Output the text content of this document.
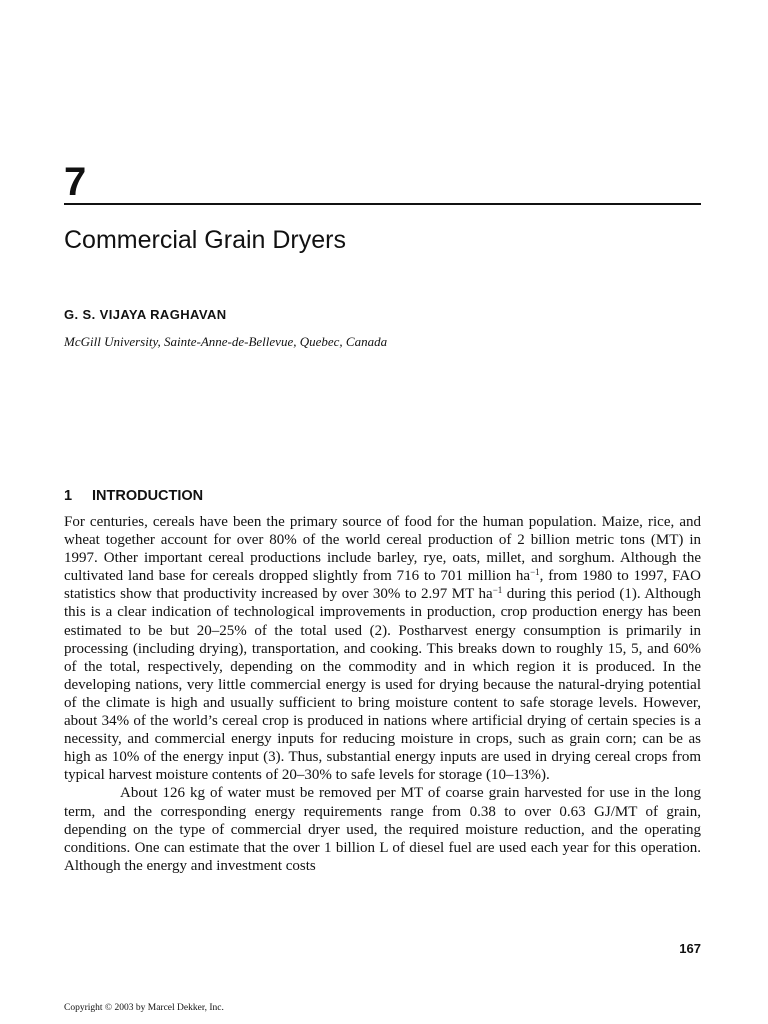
7
Commercial Grain Dryers
G. S. VIJAYA RAGHAVAN
McGill University, Sainte-Anne-de-Bellevue, Quebec, Canada
1 INTRODUCTION

For centuries, cereals have been the primary source of food for the human population. Maize, rice, and wheat together account for over 80% of the world cereal production of 2 billion metric tons (MT) in 1997. Other important cereal productions include barley, rye, oats, millet, and sorghum. Although the cultivated land base for cereals dropped slightly from 716 to 701 million $ha^{-1}$, from 1980 to 1997, FAO statistics show that productivity increased by over 30% to 2.97 MT $ha^{-1}$ during this period (1). Although this is a clear indication of technological improvements in production, crop production energy has been estimated to be but 20–25% of the total used (2). Postharvest energy consumption is primarily in processing (including drying), transportation, and cooking. This breaks down to roughly 15, 5, and 60% of the total, respectively, depending on the commodity and in which region it is produced. In the developing nations, very little commercial energy is used for drying because the natural-drying potential of the climate is high and usually sufficient to bring moisture content to safe storage levels. However, about 34% of the world’s cereal crop is produced in nations where artificial drying of certain species is a necessity, and commercial energy inputs for reducing moisture in crops, such as grain corn; can be as high as 10% of the energy input (3). Thus, substantial energy inputs are used in drying cereal crops from typical harvest moisture contents of 20–30% to safe levels for storage (10–13%).

About 126 kg of water must be removed per MT of coarse grain harvested for use in the long term, and the corresponding energy requirements range from 0.38 to over 0.63 GJ/MT of grain, depending on the type of commercial dryer used, the required moisture reduction, and the operating conditions. One can estimate that the over 1 billion L of diesel fuel are used each year for this operation. Although the energy and investment costs

167
Copyright © 2003 by Marcel Dekker, Inc.
